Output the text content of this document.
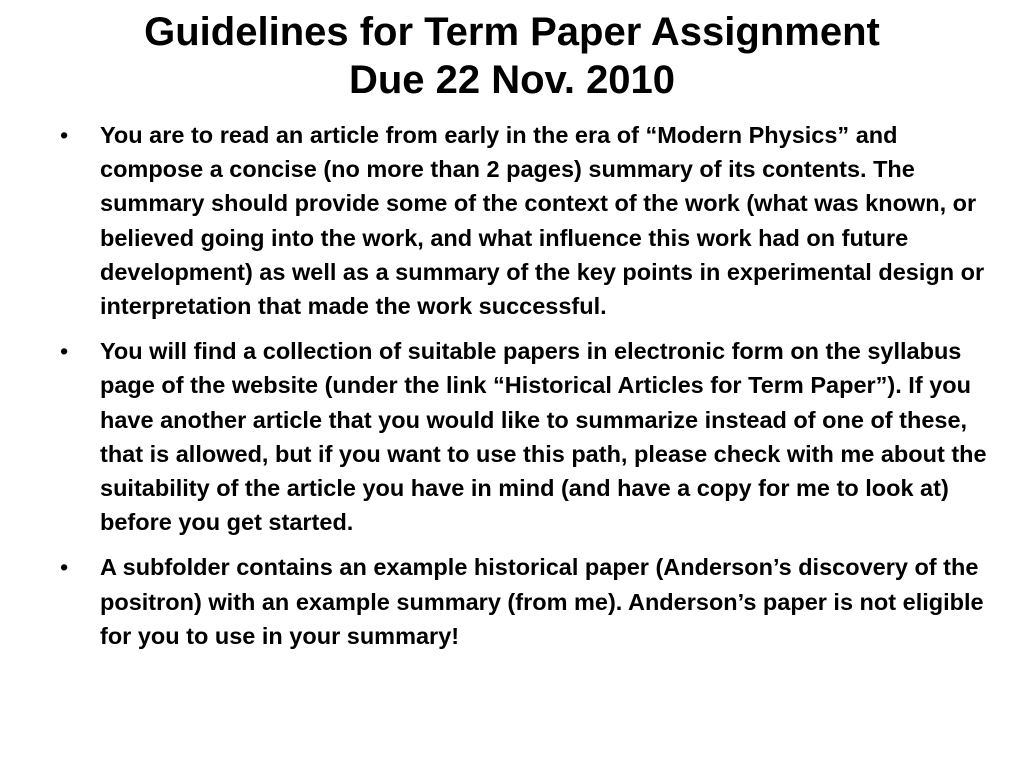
Guidelines for Term Paper Assignment
Due 22 Nov. 2010
•	You are to read an article from early in the era of “Modern Physics” and compose a concise (no more than 2 pages) summary of its contents. The summary should provide some of the context of the work (what was known, or believed going into the work, and what influence this work had on future development) as well as a summary of the key points in experimental design or interpretation that made the work successful.
•	You will find a collection of suitable papers in electronic form on the syllabus page of the website (under the link “Historical Articles for Term Paper”). If you have another article that you would like to summarize instead of one of these, that is allowed, but if you want to use this path, please check with me about the suitability of the article you have in mind (and have a copy for me to look at) before you get started.
•	A subfolder contains an example historical paper (Anderson’s discovery of the positron) with an example summary (from me). Anderson’s paper is not eligible for you to use in your summary!
